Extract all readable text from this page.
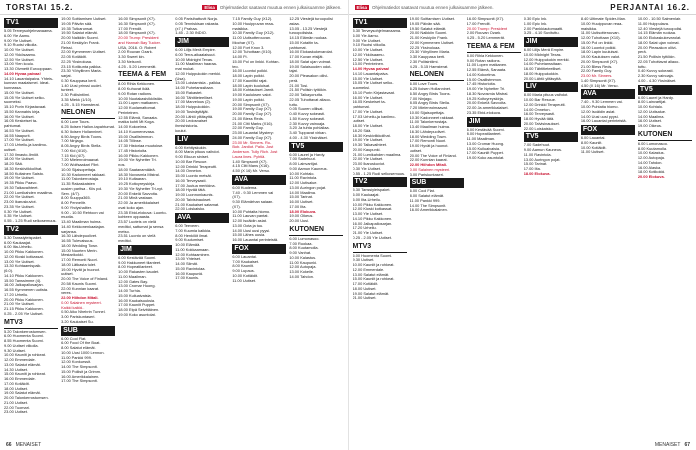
TORSTAI 15.2.	Elisa	Ohjelmatiedot saatavat muutua ennen julkaisuamme jälkeen.
TV1
5.05 Terveysohjelmanaama.
6.00 Yle Aamu.
9.00 Yle Uutiset.
9.10 Ruotsi viikolla.
10.00 Yle Uutiset.
12.00 Ykkösaamu.
12.50 Yle Uutiset.
13.00 Ylen koulu.
13.30 Olvmetit Eurooppaan.
14.00 Hyvaa paivaa!
14.10 Lauantaipaiva. Yhteis-
kunnan maalaismei. Ideat-
kunnassa.
15.00 Yle Uutiset.
15.05 Yle Uutiset selko-
suomeksi.
15.10 Porin Kirjastavaat.
15.50 Kannabis kirja.
16.00 Yle Uutiset.
16.05 Keskeiset ta-
pahtumat.
16.53 Yle Uutiset.
16.55 Naapurit.
17.00 Yle Uutiset.
17.03 Urheilu-ja kaniimo-
uutiset.
17.30 Ilmasto-Ilmiöt.
18.00 Yle Uutiset.
18.20 Sää.
18.30 Keskiviikkolihat.
18.50 Kultainen Saisto.
19.00 Yle Uutiset.
19.35 Pikku Paavo.
19.30 Taikavaihteet.
21.00 Lumikahden maailma.
22.00 Yle Uutiset.
23.00 Ikaruskuviot.
23.35 Yle Uutiset.
0.30 Yle Uutiset.
0.35 Yle Uutiset.
0.55 - 1.25 Rudi selkosemuus.
TV2
5.30 Tanssiyleispaket.
6.00 Kaukaajat.
6.00 Ilta-Urheilu.
10.00 Pikku Kakkonen.
12.00 Kioski kotkassat.
13.00 Yle Uutiset.
13.30 Kohtaamispaik.
(6.0).
14.10 Pikku Kakkonen.
15.50 Tanssimme (4).
16.00 Jalkapallosarjan.
16.55 Kymmenen uutista.
17.20 Urheilu.
20.00 Pikku Kakkonen.
21.00 Yle Uutiset.
21.15 Pikku Kakkonen.
0.25 - 2.05 Yle Uutiset.
MTV3
5.20 Talonkerrostumsen.
6.00 Huomenta Suomi.
8.55 Huomenta Suomi.
9.00 Uutiset viikolla.
9.30 Uutiset.
10.00 Kauniit ja rohkeat.
12.00 Emmerdale.
13.00 Salatut elämät.
14.30 Uutiset.
15.00 Kauniit ja rohkeat.
16.00 Emmerdale.
17.00 Kotiäidit.
18.00 Uutiset.
19.00 Salatut elämät.
20.00 Talonkerrostumsen.
21.00 Uutiset.
22.00 Tuomari.
23.00 Uutiset.
19.00 Soittamisen Uutiset.
19.05 Päivän sää.
19.35 Tutkarunsat.
19.50 Salatut elämät.
20.00 Nalkkiin Suomi.
21.00 Keskiyön Frank.
Reissi.
22.00 Kymmenen Uutiset.
22.05 Kotiäidit.
22.25 Yksinoloaa.
23.15 Kotikunta paikka.
23.30 Yöhyllinen Maria.
sarjat.
0.30 Kauppasa kerti.
1.40 Uusi prinssi uudet.
tunteet.
2.30 Poliisintiimi.
3.35 Miekk (1/10).
4.25 - 5.15 Hamsterat.
NELONEN
6.00 Love Tours.
6.25 Iloisen Hallon-tapahtumat.
6.30 Iloisen Hollanninet.
6.50 Angry Birds Toons.
7.00 Ninjago.
8.05 Angry Birds Stella.
7.00 Kid (4/10).
7.15 Kid (4/7).
7.20 Mielenroimaavat.
7.00 Wolfsaakari Flint.
10.00 Sijaisopettaja.
10.30 Kadonneet rakkaat.
11.00 Talonkerrostaja.
11.35 Rakaskaisten
uusien paritsa - Kiis pol.
Serv. (4/7).
8.00 Suuppa365.
8.00 Pennelitr.
9.00 Yhdyshaliter.
9.00 - 10.50 Rehtoon vai
muotia.
13.40 Maailman huima.
14.40 Kekkonenkaatajan.
sarjansa.
16.30 Lähdepuolivet.
16.55 Tulevaisuus.
18.00 Wedding Town.
15.00 Nuorten Merin.
Mestarikokki.
17.00 Remonti Nuori.
18.00 Lätkasta tulet.
19.00 Hyvät ja huonot.
uutiset.
20.00 The Voice of Finland.
20.58 Kaunis Suomi.
22.00 Kunnian kaarat.
veres.
22.00 Hiihdon Mitali.
0.00 Salainen mysteeri.
Kaikki kaikki..
0.50 Aiko Nhebrin Tunnel.
3.00 Pariskuntaseri.
3.20 Kaukaiset Su.
SUB
6.00 Cool Flat.
6.00 Food Of the Boat.
8.00 Salatut elämät.
10.00 Uusi 1000 Lennon.
11.00 Pankki 999.
12.00 Konkurssit.
14.00 The Simpsonit.
15.00 Poliisit ja Grimm.
16.00 Amerikkalainen.
17.00 The Simpsonit.
16.00 Simpsonit (X7).
16.30 Simpsonit (X7).
17.00 Frendit.
18.00 Simpsonit (X7).
20.00 Trump: President
and Hannah Bay Tucker.
USA, 2016. O: Robert
2.00 Rouvan Ozark.
3.30 Sweet kin.
3.30 Nelsonii.
4.25 - 5.20 Lemmerät.
TEEMA & FEM
8.00 Rihla Kekkonen.
8.00 Kuhuvat ikää.
9.00 Rotan radions.
10.00 Nuotakasivikkiistän.
11.00 Lopen matkanen.
12.00 Kuolamattomat.
Perinteinen.
12.55 Elämä, Sanaata.
matka kohti Mt Koga.
14.00 Kokoelma.
14.10 Kuumenevasa.
15.00 Osallistmmon.
14.05 Tillinse.
17.30 Historiaa muutokse.
17.45 Historioita.
16.00 Pilkku Kakkonen.
19.00 Yle Nyhetter Tri.
nos.
18.00 Saatanamäärä.
18.30 Novosmia Mistral.
19.10 Kultaaran.
19.25 Koitoyreyskirja.
19.30 Yle Nyhetter Tri-nyt.
20.00 Enkelä Savvoita.
21.00 Minä vastaan.
22.00 Ja amerikkalaiset
ovat koko ajan.
23.35 Ebid-elokuva: Luonto-
kohteen oppaasta.
23.57 Luoteis on vielä
meditoi, sattumat ja sensa
metso.
23.51 Luonto on vielä
meditoi.
JIM
6.00 Kestävää Suomi.
9.00 Hakkuneet tilanteet.
8.00 Hopeatilanteet.
10.00 Rakasten kaudet.
11.00 Maailman.
12.00 Gates Bay.
13.00 Cromar Huong.
14.00 Turhia.
15.00 Kuiluaivaisia.
16.00 Kaukaisuuksia.
17.00 Kauniit Puppet.
18.00 Etpä Selvittäinen.
19.00 Koko asuntolat.
0.05 Parisihattuvtt Norja.
0.05 Tenniskisan rakasta.
(x7.) Prahaa.
1.45 - 2.30 INDIO.
JIM
6.00 Lilljs Merä Empire.
6.00 Terra-aikaalaisuut.
10.00 Midnight Texas.
11.00 Maailman haaraa-
mat mukat.
12.00 Huippukokin merkki.
(Usa).
13.00 Loistamisla - palkka.
14.00 Puhetanssitaan.
15.00 Rakastet.
16.00 Tähtitieteelliset.
17.00 Marvelous (2).
18.00 Huippukokkin.
19.00 Tosinäyttäjät.
20.00 Lähtö ylitäsyttä.
20.00 Ledosnaiset ihmishistoria-
koulut.
LIV
6.00 Kehityskukin.
8.00 Maria pituus vaihdot.
9.00 Eikuun siniset.
10.00 Bar Rescue.
12.00 Drinkki Terapeutti.
14.00 Onneton.
15.00 Luonto metsät.
16.00 Terveysasti.
17.00 Juutua merkkina.
18.00 Hyvää tätä.
19.00 Luonnonkaunis.
20.00 Talvisinaukset.
21.00 Kaukaiset satamat.
22.00 Loiskaisko.
AVA
6.00 Teeveen.
7.00 Kuumia kaikkia.
8.00 Henkilöt ilmat.
9.00 Kuulumiset.
10.00 Elämää.
11.00 Kokkaamaan.
12.00 Kohtaaminen.
13.00 Yhteiset.
14.00 Silmät.
15.00 Ravintolaa.
16.00 Kaupunki.
17.00 Kaunis.
7.15 Family Guy (X12).
10.00 Huuippuvan reaa-
maisikka.
10.30 Family Guy (X12).
11.00 Uutisotterouvan.
Mochar (X7).
12.00 Fort Knox 3.
12.00 Tuhottaan (X10).
14.00 Ft.
15.00 Pol on linkki. Kohtan-
teo.
16.00 Luontoi poikki.
18.00 Lapin poikki.
17.00 Kauniitki rajat.
18.00 Lapin kuuluisat.
18.00 Kohtaukset Jarnit.
19.00 Kauluksen valot.
19.00 Lapin poikki.
20.00 Simpsonit (X7).
19.00 Family Guy (X7).
20.00 Family Guy (X7).
21.00 Bless Reds.
21.00 Cliti Marks (X16).
22.00 Family Guy.
23.00 Lauantai Mystery:
24.00 Family Guy (X7).
23.00 Mr. Sinners. Ro-
Bob. Jardiot. Pallo. Jost
Anderson. Tully Rich. Jost
Laura lines. Pyhtiä.
1.40 Simpsonit (X7).
4.15 Cliti Mans (X16).
4.50 (X 16) Mr. Verso.
AVA
6.00 Kuolema.
7.40 - 9.30 Lemmen vai
(X7).
9.30 Elämärhan saiaan.
(X7).
10.00 Puhtaita hiomo.
11.00 Lauvan pantat.
12.00 Isoäidin asiat.
13.00 Oota ja tuu.
14.00 Uusi uusi pyysi.
15.00 Lähes uusia.
16.00 Lauantai perinteistä.
FOX
6.00 Lauantai.
7.00 Kaukaiset.
8.00 Kauniit.
9.00 Lupaus.
10.00 Kotiäidit.
11.00 Uutiset.
12.25 Viestejä turoopolisi
asiaa.
13.05 - 13.25 Viestejä
turoopolisista.
14.15 Elämän ruokaa.
15.00 Kotaitin ta-
pahtumat.
16.00 Elokaskukevarolat.
17.00 Kuvan etsijät.
18.00 Salat ujan voimat.
19.00 Salaisuuden odot-
tajat.
20.00 Pleasakon oliivi-
perä.
21.00 Tosi.
21.50 Poliisin tyttökin.
22.00 Taikayonutta.
22.05 Tuhottavat aliaoo-
tuttu.
0.05 Suuren olilisat.
0.40 Kuvvy sokeasti.
1.50 Kuvvy sokeasti.
2.30 Kuvvy vainoaja.
3.20 Ja tuhta pohlailaa.
3.40 Tuppavat virkan.
4.00 - 4.30 Yksinäiset.
TV5
6.00 Laurel ja Hardy.
7.00 Sadehuut.
8.00 Lainvartijat.
9.00 Aamun Kauneus.
10.00 Kohtalo.
11.00 Ravintola.
12.00 Uutisalue.
13.00 Auringon pojat.
14.00 Maailma.
15.00 Tarinat.
16.00 Uutiset.
17.00 Ilta.
18.00 Elokuva.
19.00 Oikeus.
20.00 Uusi.
KUTONEN
6.00 Lumonasoo.
7.00 Ruokaa.
8.00 Kuutamolla.
9.00 Vanhat.
10.00 Kalastus.
11.00 Kaupunki.
12.00 Autopaja.
13.00 Kokeile.
14.00 Tahdon.
66 MENAISET
Elisa	Ohjelmatiedot saatavat muutua ennen julkaisuamme jälkeen.	PERJANTAI 16.2.
TV1
5.30 Terveysohjelmanaama.
6.00 Yle Aamu.
9.00 Yle Uutiset.
9.10 Ruotsi viikolla.
10.00 Yle Uutiset.
12.00 Ykkösaamu.
12.50 Yle Uutiset.
13.00 Perinteinen.
14.00 Hyvaa paivaa!
14.10 Lauantaipaiva.
15.00 Yle Uutiset.
15.05 Yle Uutiset selko-
suomeksi.
15.10 Porin Kirjastavaat.
16.00 Yle Uutiset.
16.05 Keskeiset ta-
pahtumat.
17.00 Yle Uutiset.
17.03 Urheilu-ja kaniimo-
uutiset.
18.00 Yle Uutiset.
18.20 Sää.
18.30 Keskiviikkolihat.
19.00 Yle Uutiset.
19.30 Taikavaihteet.
20.00 Kaupunki.
21.00 Lumikahden maailma.
22.00 Yle Uutiset.
23.00 Ikaruskuviot.
0.30 Yle Uutiset.
0.55 - 1.25 Rudi selkosemuus.
TV2
5.30 Tanssiyleispaket.
6.00 Kaukaajat.
6.00 Ilta-Urheilu.
10.00 Pikku Kakkonen.
12.00 Kioski kotkassat.
13.00 Yle Uutiset.
14.10 Pikku Kakkonen.
16.00 Jalkapallosarjan.
17.20 Urheilu.
21.00 Yle Uutiset.
0.25 - 2.05 Yle Uutiset.
MTV3
6.00 Huomenta Suomi.
9.30 Uutiset.
10.00 Kauniit ja rohkeat.
12.00 Emmerdale.
13.00 Salatut elämät.
15.00 Kauniit ja rohkeat.
17.00 Kotiäidit.
18.00 Uutiset.
19.00 Salatut elämät.
21.00 Uutiset.
19.00 Soittamisen Uutiset.
19.05 Päivän sää.
19.50 Salatut elämät.
20.00 Nalkkiin Suomi.
21.00 Keskiyön Frank.
22.00 Kymmenen Uutiset.
22.25 Yksinoloaa.
23.30 Yöhyllinen Maria.
0.30 Kauppasa kerti.
2.30 Poliisintiimi.
4.25 - 5.15 Hamsterat.
NELONEN
6.00 Love Tours.
6.25 Iloisen Hollanninet.
6.50 Angry Birds Toons.
7.00 Ninjago.
8.05 Angry Birds Stella.
7.20 Mielenroimaavat.
10.00 Sijaisopettaja.
10.30 Kadonneet rakkaat.
11.00 Talonkerrostaja.
13.40 Maailman huima.
16.30 Lähdepuolivet.
18.00 Wedding Town.
17.00 Remonti Nuori.
19.00 Hyvät ja huonot.
uutiset.
20.00 The Voice of Finland.
22.00 Kunnian kaarat.
22.00 Hiihdon Mitali.
0.00 Salainen mysteeri.
3.00 Pariskuntaseri.
SUB
6.00 Cool Flat.
8.00 Salatut elämät.
11.00 Pankki 999.
14.00 The Simpsonit.
16.00 Amerikkalainen.
16.00 Simpsonit (X7).
17.00 Frendit.
20.00 Trump: President
2.00 Rouvan Ozark.
4.25 - 5.20 Lemmerät.
TEEMA & FEM
8.00 Rihla Kekkonen.
9.00 Rotan radions.
11.00 Lopen matkanen.
12.55 Elämä, Sanaata.
14.00 Kokoelma.
15.00 Osallistmmon.
17.45 Historioita.
19.00 Yle Nyhetter Tri.
18.30 Novosmia Mistral.
19.25 Koitoyreyskirja.
20.00 Enkelä Savvoita.
22.00 Ja amerikkalaiset.
23.35 Ebid-elokuva.
JIM
6.00 Kestävää Suomi.
8.00 Hopeatilanteet.
11.00 Maailman.
13.00 Cromar Huong.
15.00 Kuiluaivaisia.
17.00 Kauniit Puppet.
19.00 Koko asuntolat.
0.30 Epic Ink.
1.00 Epic Ink.
2.00 Pankkiautomaatti.
3.25 - 4.10 Suvituttu.
JIM
6.00 Lilljs Merä Empire.
10.00 Midnight Texas.
12.00 Huippukokin merkki.
14.00 Puhetanssitaan.
16.00 Tähtitieteelliset.
18.00 Huippukokkin.
20.00 Lähtö ylitäsyttä.
LIV
8.00 Maria pituus vaihdot.
10.00 Bar Rescue.
12.00 Drinkki Terapeutti.
14.00 Onneton.
16.00 Terveysasti.
18.00 Hyvää tätä.
20.00 Talvisinaukset.
22.00 Loiskaisko.
TV5
7.00 Sadehuut.
9.00 Aamun Kauneus.
11.00 Ravintola.
13.00 Auringon pojat.
15.00 Tarinat.
17.00 Ilta.
18.00 Elokuva.
8.40 Ultimate Spider-Man.
10.00 Huuippuvan reaa-
maisikka.
11.00 Uutisotterouvan.
12.00 Tuhottaan (X10).
15.00 Pol on linkki.
16.00 Luontoi poikki.
18.00 Lapin kuuluisat.
19.00 Kauluksen valot.
20.00 Simpsonit (X7).
21.00 Bless Reds.
22.00 Family Guy.
23.00 Mr. Sinners.
1.40 Simpsonit (X7).
4.50 (X 16) Mr. Verso.
AVA
7.40 - 9.30 Lemmen vai.
10.00 Puhtaita hiomo.
12.00 Isoäidin asiat.
14.00 Uusi uusi pyysi.
16.00 Lauantai perinteistä.
FOX
6.00 Lauantai.
8.00 Kauniit.
10.00 Kotiäidit.
11.00 Uutiset.
10.00 - 10.50 Salmenlair.
11.00 Huippulava.
12.40 Viestejä turoopolisi.
14.15 Elämän ruokaa.
16.00 Elokaskukevarolat.
18.00 Salat ujan voimat.
20.00 Pleasakon oliivi-
perä.
21.50 Poliisin tyttökin.
22.05 Tuhottavat aliaoo-
tuttu.
0.40 Kuvvy sokeasti.
2.30 Kuvvy vainoaja.
4.00 - 4.30 Yksinäiset.
TV5
6.00 Laurel ja Hardy.
8.00 Lainvartijat.
10.00 Kohtalo.
12.00 Uutisalue.
14.00 Maailma.
16.00 Uutiset.
19.00 Oikeus.
KUTONEN
6.00 Lumonasoo.
8.00 Kuutamolla.
10.00 Kalastus.
12.00 Autopaja.
14.00 Tahdon.
16.00 Alaska.
18.00 Kotikokki.
20.00 Elokuva.
MENAISET 67
